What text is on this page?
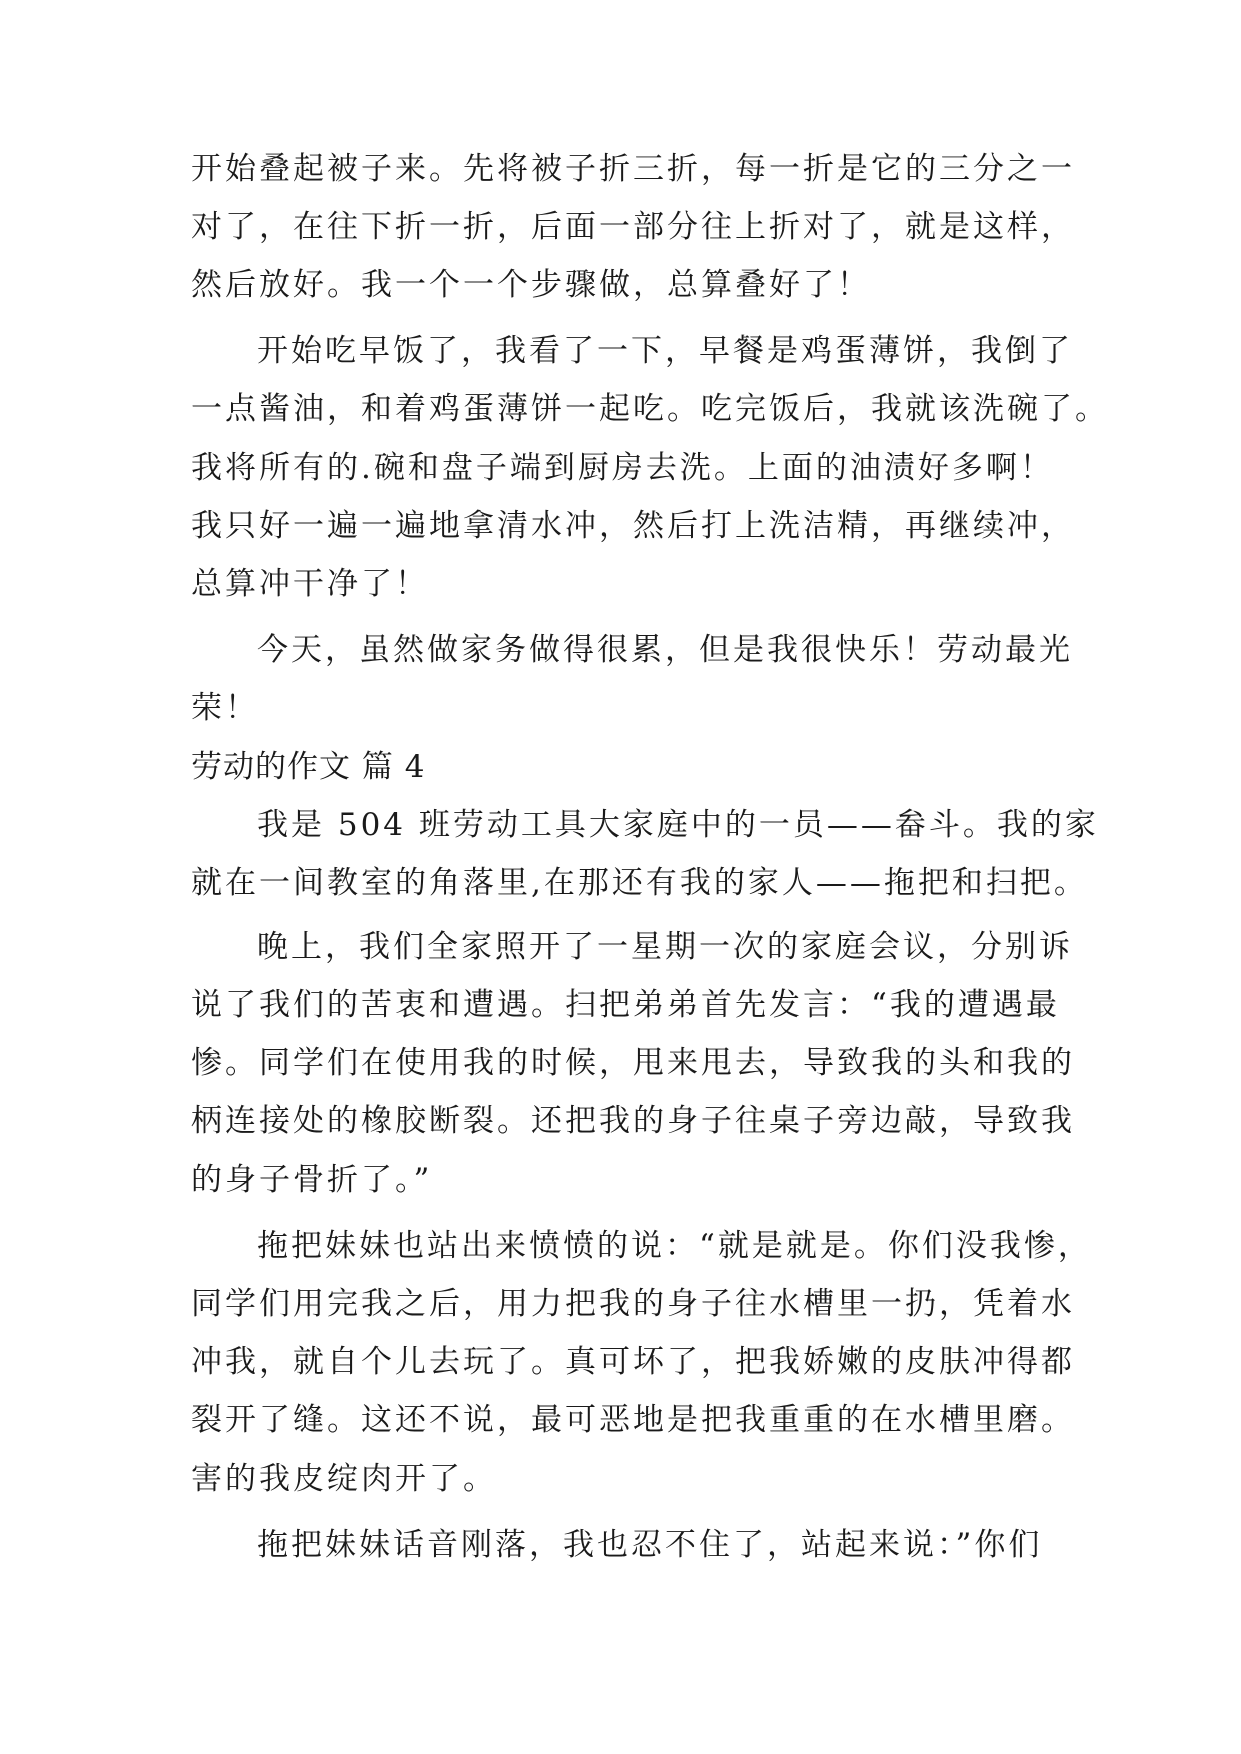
开始叠起被子来。先将被子折三折，每一折是它的三分之一
对了，在往下折一折，后面一部分往上折对了，就是这样，
然后放好。我一个一个步骤做，总算叠好了！
开始吃早饭了，我看了一下，早餐是鸡蛋薄饼，我倒了
一点酱油，和着鸡蛋薄饼一起吃。吃完饭后，我就该洗碗了。
我将所有的.碗和盘子端到厨房去洗。上面的油渍好多啊！
我只好一遍一遍地拿清水冲，然后打上洗洁精，再继续冲，
总算冲干净了！
今天，虽然做家务做得很累，但是我很快乐！劳动最光
荣！
劳动的作文 篇 4
我是 504 班劳动工具大家庭中的一员——畚斗。我的家
就在一间教室的角落里,在那还有我的家人——拖把和扫把。
晚上，我们全家照开了一星期一次的家庭会议，分别诉
说了我们的苦衷和遭遇。扫把弟弟首先发言：“我的遭遇最
惨。同学们在使用我的时候，甩来甩去，导致我的头和我的
柄连接处的橡胶断裂。还把我的身子往桌子旁边敲，导致我
的身子骨折了。”
拖把妹妹也站出来愤愤的说：“就是就是。你们没我惨，
同学们用完我之后，用力把我的身子往水槽里一扔，凭着水
冲我，就自个儿去玩了。真可坏了，把我娇嫩的皮肤冲得都
裂开了缝。这还不说，最可恶地是把我重重的在水槽里磨。
害的我皮绽肉开了。
拖把妹妹话音刚落，我也忍不住了，站起来说：”你们
